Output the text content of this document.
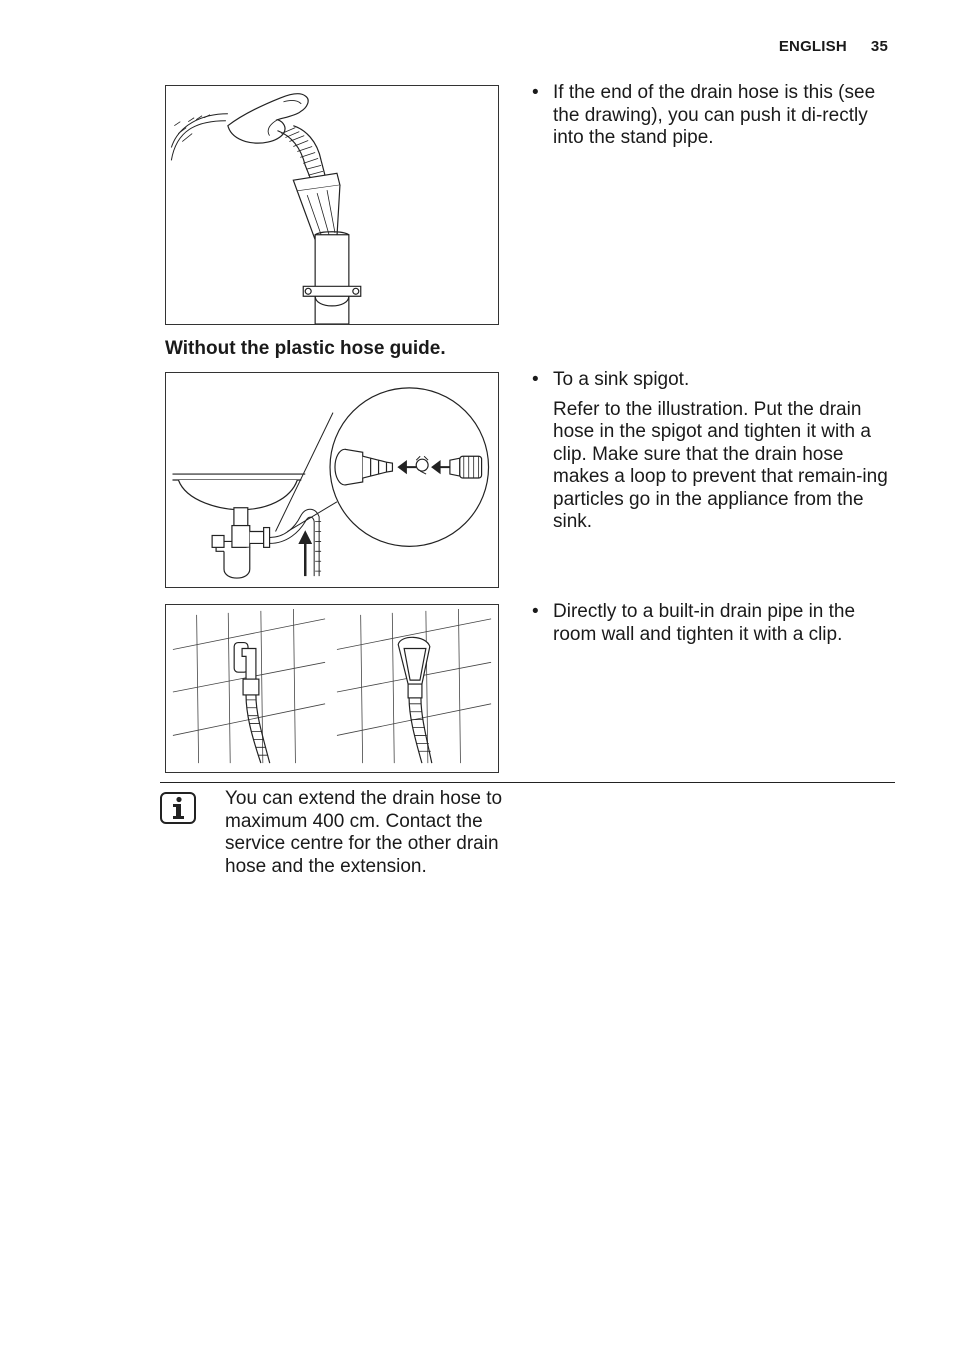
ENGLISH 35
Without the plastic hose guide.
• If the end of the drain hose is this (see the drawing), you can push it di-rectly into the stand pipe.
• To a sink spigot.
Refer to the illustration. Put the drain hose in the spigot and tighten it with a clip. Make sure that the drain hose makes a loop to prevent that remain-ing particles go in the appliance from the sink.
• Directly to a built-in drain pipe in the room wall and tighten it with a clip.
You can extend the drain hose to maximum 400 cm. Contact the service centre for the other drain hose and the extension.
